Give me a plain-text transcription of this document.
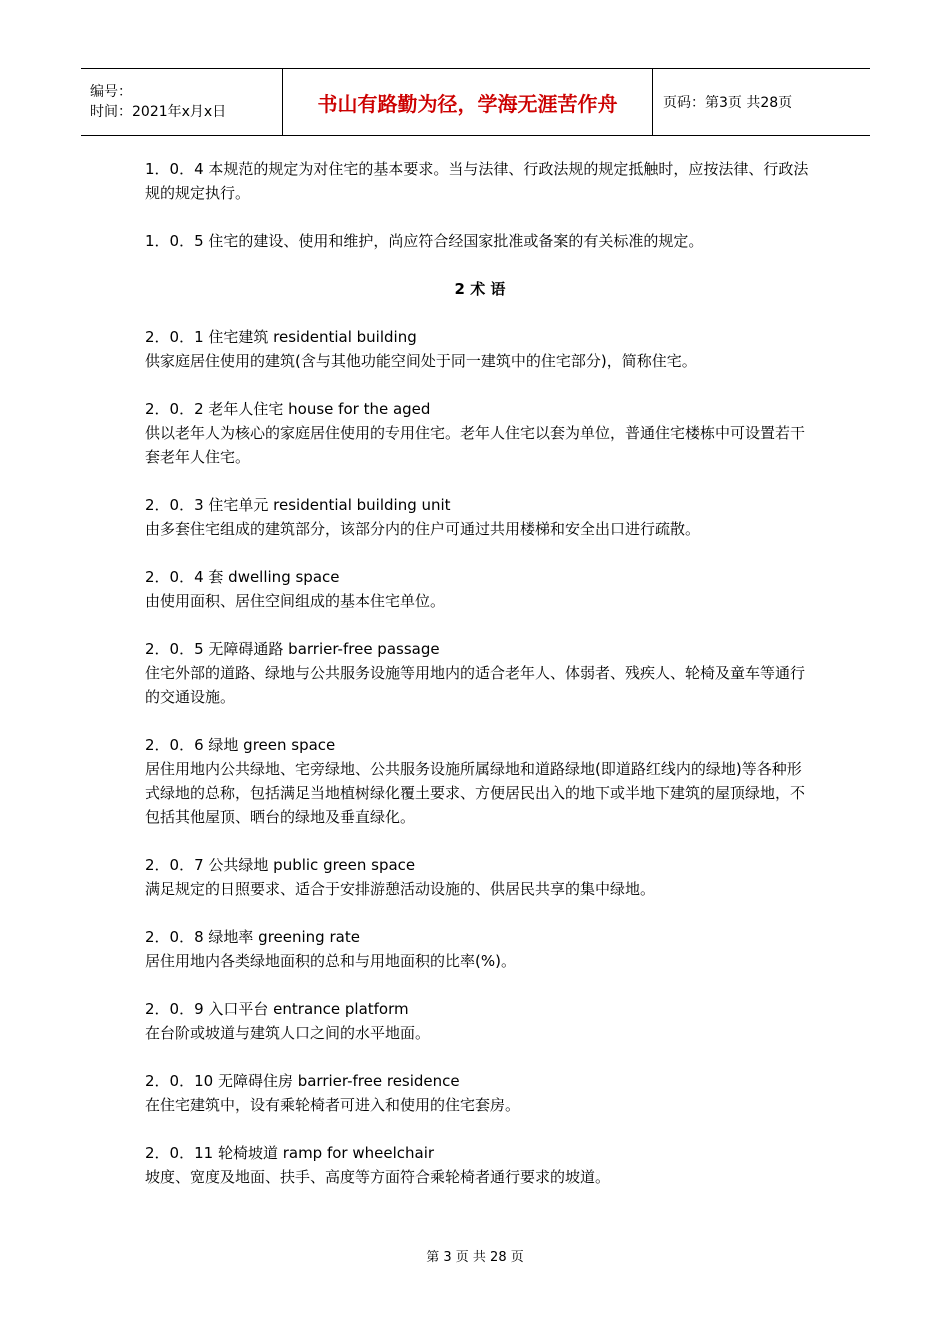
编号：
时间：2021年x月x日	书山有路勤为径，学海无涯苦作舟	页码：第3页 共28页

1．0．4 本规范的规定为对住宅的基本要求。当与法律、行政法规的规定抵触时，应按法律、行政法规的规定执行。

1．0．5 住宅的建设、使用和维护，尚应符合经国家批准或备案的有关标准的规定。

2 术 语
2．0．1 住宅建筑 residential building
供家庭居住使用的建筑(含与其他功能空间处于同一建筑中的住宅部分)，简称住宅。
2．0．2 老年人住宅 house for the aged
供以老年人为核心的家庭居住使用的专用住宅。老年人住宅以套为单位，普通住宅楼栋中可设置若干套老年人住宅。
2．0．3 住宅单元 residential building unit
由多套住宅组成的建筑部分，该部分内的住户可通过共用楼梯和安全出口进行疏散。
2．0．4 套 dwelling space
由使用面积、居住空间组成的基本住宅单位。
2．0．5 无障碍通路 barrier-free passage
住宅外部的道路、绿地与公共服务设施等用地内的适合老年人、体弱者、残疾人、轮椅及童车等通行的交通设施。
2．0．6 绿地 green space
居住用地内公共绿地、宅旁绿地、公共服务设施所属绿地和道路绿地(即道路红线内的绿地)等各种形式绿地的总称，包括满足当地植树绿化覆土要求、方便居民出入的地下或半地下建筑的屋顶绿地，不包括其他屋顶、晒台的绿地及垂直绿化。
2．0．7 公共绿地 public green space
满足规定的日照要求、适合于安排游憩活动设施的、供居民共享的集中绿地。
2．0．8 绿地率 greening rate
居住用地内各类绿地面积的总和与用地面积的比率(%)。
2．0．9 入口平台 entrance platform
在台阶或坡道与建筑人口之间的水平地面。
2．0．10 无障碍住房 barrier-free residence
在住宅建筑中，设有乘轮椅者可进入和使用的住宅套房。
2．0．11 轮椅坡道 ramp for wheelchair
坡度、宽度及地面、扶手、高度等方面符合乘轮椅者通行要求的坡道。
第 3 页 共 28 页
